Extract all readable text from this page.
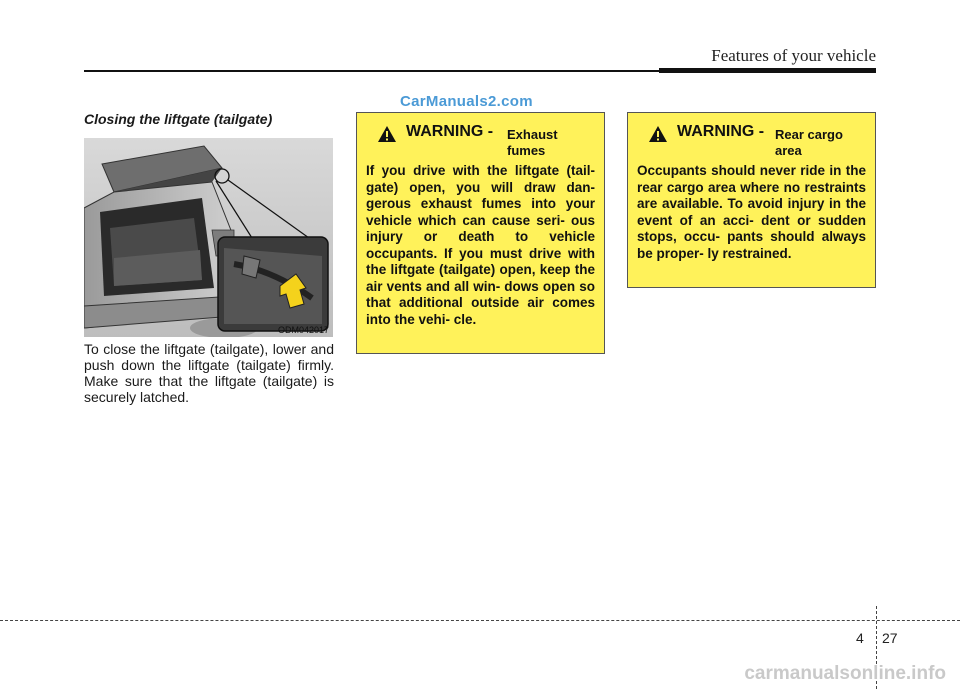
Features of your vehicle
CarManuals2.com
Closing the liftgate (tailgate)
ODM042017
To close the liftgate (tailgate), lower and push down the liftgate (tailgate) firmly. Make sure that the liftgate (tailgate) is securely latched.
WARNING - Exhaust
fumes
If you drive with the liftgate (tail- gate) open, you will draw dan- gerous exhaust fumes into your vehicle which can cause seri- ous injury or death to vehicle occupants. If you must drive with the liftgate (tailgate) open, keep the air vents and all win- dows open so that additional outside air comes into the vehi- cle.
WARNING - Rear cargo
area
Occupants should never ride in the rear cargo area where no restraints are available. To avoid injury in the event of an acci- dent or sudden stops, occu- pants should always be proper- ly restrained.
4 27
carmanualsonline.info
